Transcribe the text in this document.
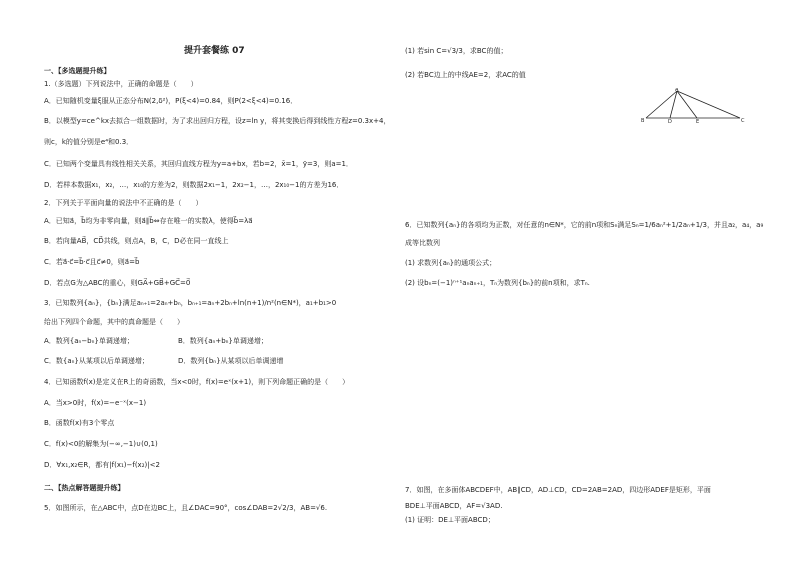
提升套餐练 07
一、【多选题提升练】
1.（多选题）下列说法中，正确的命题是（　　）
A．已知随机变量ξ服从正态分布N(2,δ²)，P(ξ<4)=0.84，则P(2<ξ<4)=0.16．
B．以模型y=ce^kx去拟合一组数据时，为了求出回归方程，设z=ln y，将其变换后得到线性方程z=0.3x+4，
则c，k的值分别是e⁴和0.3．
C．已知两个变量具有线性相关关系，其回归直线方程为y=a+bx，若b=2，x̄=1，ȳ=3，则a=1．
D．若样本数据x₁，x₂，…，x₁₀的方差为2，则数据2x₁−1，2x₂−1，…，2x₁₀−1的方差为16．
2．下列关于平面向量的说法中不正确的是（　　）
A．已知a⃗，b⃗均为非零向量，则a⃗∥b⃗⇔存在唯一的实数λ，使得b⃗=λa⃗
B．若向量AB⃗，CD⃗共线，则点A，B，C，D必在同一直线上
C．若a⃗·c⃗=b⃗·c⃗且c⃗≠0，则a⃗=b⃗
D．若点G为△ABC的重心，则GA⃗+GB⃗+GC⃗=0⃗
3．已知数列{aₙ}，{bₙ}满足aₙ₊₁=2aₙ+bₙ，bₙ₊₁=aₙ+2bₙ+ln(n+1)/n²(n∈N*)，a₁+b₁>0
给出下列四个命题，其中的真命题是（　　）
A．数列{aₙ−bₙ}单调递增；	B．数列{aₙ+bₙ}单调递增；
C．数{aₙ}从某项以后单调递增；	D．数列{bₙ}从某项以后单调递增
4．已知函数f(x)是定义在R上的奇函数，当x<0时，f(x)=eˣ(x+1)，则下列命题正确的是（　　）
A．当x>0时，f(x)=−e⁻ˣ(x−1)
B．函数f(x)有3个零点
C．f(x)<0的解集为(−∞,−1)∪(0,1)
D．∀x₁,x₂∈R，都有|f(x₁)−f(x₂)|<2
二、【热点解答题提升练】
5．如图所示，在△ABC中，点D在边BC上，且∠DAC=90°，cos∠DAB=2√2/3，AB=√6.
(1) 若sin C=√3/3，求BC的值；
(2) 若BC边上的中线AE=2，求AC的值
A
B	D	E	C
6．已知数列{aₙ}的各项均为正数，对任意的n∈N*，它的前n项和Sₙ满足Sₙ=1/6aₙ²+1/2aₙ+1/3，并且a₂，a₄，a₉
成等比数列
(1) 求数列{aₙ}的通项公式；
(2) 设bₙ=(−1)ⁿ⁺¹aₙaₙ₊₁，Tₙ为数列{bₙ}的前n项和，求Tₙ.
7．如图，在多面体ABCDEF中，AB∥CD，AD⊥CD，CD=2AB=2AD，四边形ADEF是矩形，平面
BDE⊥平面ABCD，AF=√3AD.
(1) 证明：DE⊥平面ABCD；
